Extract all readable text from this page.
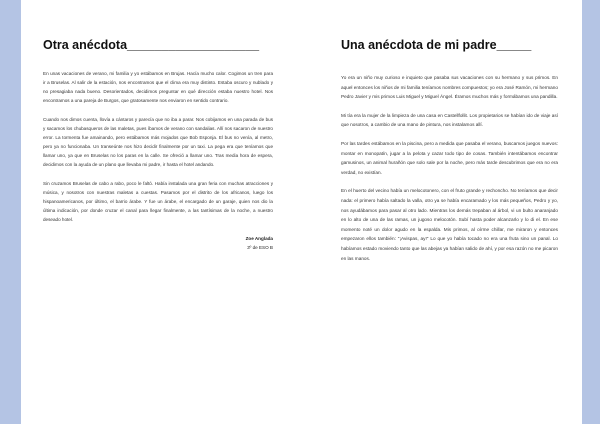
Otra anécdota___________________

En unas vacaciones de verano, mi familia y yo estábamos en Brujas. Hacía mucho calor. Cogimos un tren para ir a Bruselas. Al salir de la estación, nos encontramos que el clima era muy distinto. Estaba oscuro y nublado y no presagiaba nada bueno. Desorientados, decidimos preguntar en qué dirección estaba nuestro hotel. Nos encontramos a una pareja de Burgos, que gratosamente nos enviaron en sentido contrario.

Cuando nos dimos cuenta, llovía a cántaros y parecía que no iba a parar. Nos cobijamos en una parada de bus y sacamos los chubasqueros de las maletas, pues íbamos de verano con sandalias. Allí nos sacaron de nuestro error. La tormenta fue amainando, pero estábamos más mojados que Bob Esponja. El bus no venía, al metro, pero ya no funcionaba. Un transeúnte nos hizo decidir finalmente por un taxi. La pega era que teníamos que llamar uno, ya que en Bruselas no los paras en la calle. Se ofreció a llamar uno. Tras media hora de espera, decidimos con la ayuda de un plano que llevaba mi padre, ir hasta el hotel andando.

Sin cruzamos Bruselas de cabo a rabo, poco le faltó. Había instalada una gran feria con muchas atracciones y música, y nosotros con nuestras maletas a cuestas. Pasamos por el distrito de los africanos, luego los hispanoamericanos, por último, el barrio árabe. Y fue un árabe, el encargado de un garaje, quien nos dio la última indicación, por donde cruzar el canal para llegar finalmente, a las tantísimas de la noche, a nuestro deseado hotel.

Zoe Anglada
3º de ESO B
Una anécdota de mi padre_____

Yo era un niño muy curioso e inquieto que pasaba sus vacaciones con su hermano y sus primos. En aquel entonces los niños de mi familia teníamos nombres compuestos; yo era José Ramón, mi hermano Pedro Javier y mis primos Luis Miguel y Miguel Ángel. Éramos muchos más y formábamos una pandilla.

Mi tía era la mujer de la limpieza de una casa en Castellfollit. Los propietarios se habían ido de viaje así que nosotros, a cambio de una mano de pintura, nos instalamos allí.

Por las tardes estábamos en la piscina, pero a medida que pasaba el verano, buscamos juegos nuevos: montar en monopatín, jugar a la pelota y cazar todo tipo de cosas. También intentábamos encontrar gamusinos, un animal hurañón que solo sale por la noche, pero más tarde descubrimos que era no era verdad, no existían.

En el huerto del vecino había un melocotonero, con el fruto grande y rechoncho. No teníamos que decir nada: el primero había saltado la valla, otro ya se había encaramado y los más pequeños, Pedro y yo, nos ayudábamos para pasar al otro lado. Mientras los demás trepaban al árbol, vi un bulto anaranjado en lo alto de una de las ramas, un jugoso melocotón. Subí hasta poder alcanzarlo y lo di el. En ese momento noté un dolor agudo en la espalda. Mis primos, al oírme chillar, me miraron y entonces empezaron ellos también: "¡Avispas, ay!" Lo que yo había tocado no era una fruta sino un panal. Lo habíamos estado moviendo tanto que las abejas ya habían salido de ahí, y por esa razón no me picaron en las manos.
